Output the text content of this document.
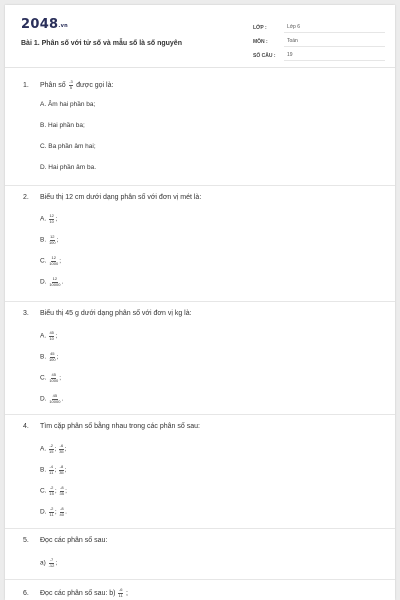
2048.vn
Bài 1. Phân số với tử số và mẫu số là số nguyên
LỚP :	Lớp 6
MÔN :	Toán
SỐ CÂU :	19
1. Phân số $\frac{-3}{5}$ được gọi là:
A. Âm hai phần ba;
B. Hai phần ba;
C. Ba phần âm hai;
D. Hai phần âm ba.
2. Biểu thị 12 cm dưới dạng phân số với đơn vị mét là:
A. $\frac{12}{10}$ ;
B. $\frac{12}{100}$ ;
C. $\frac{12}{1000}$ ;
D. $\frac{12}{10000}$ .
3. Biểu thị 45 g dưới dạng phân số với đơn vị kg là:
A. $\frac{45}{10}$ ;
B. $\frac{45}{100}$ ;
C. $\frac{45}{1000}$ ;
D. $\frac{45}{10000}$ .
4. Tìm cặp phân số bằng nhau trong các phân số sau:
A. $\frac{-2}{15}$ ; $\frac{-6}{35}$ ;
B. $\frac{-4}{11}$ ; $\frac{-8}{35}$ ;
C. $\frac{-2}{15}$ ; $\frac{-8}{35}$ ;
D. $\frac{-2}{11}$ ; $\frac{-8}{40}$ .
5. Đọc các phân số sau:
$a) \frac{-7}{-12}$ ;
6. Đọc các phân số sau: $b) \frac{-6}{11}$ ;
